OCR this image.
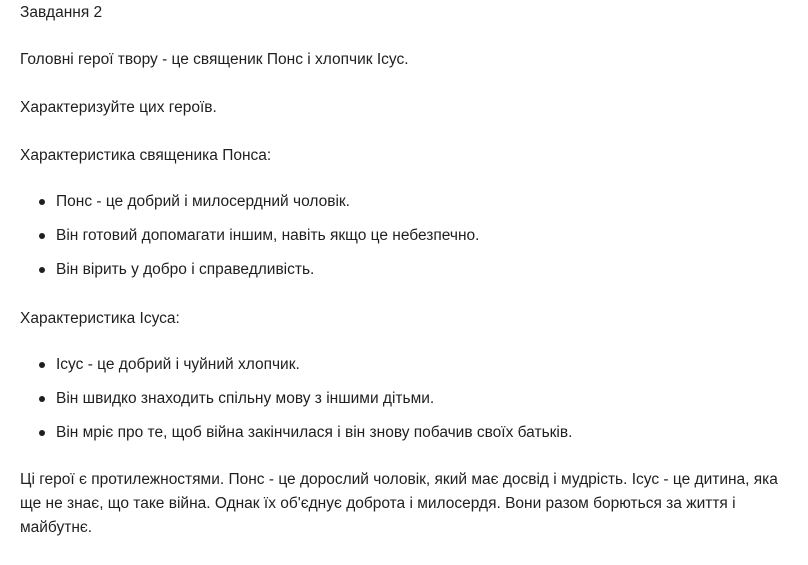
Завдання 2

Головні герої твору - це священик Понс і хлопчик Ісус.

Характеризуйте цих героїв.

Характеристика священика Понса:

Понс - це добрий і милосердний чоловік.
Він готовий допомагати іншим, навіть якщо це небезпечно.
Він вірить у добро і справедливість.

Характеристика Ісуса:

Ісус - це добрий і чуйний хлопчик.
Він швидко знаходить спільну мову з іншими дітьми.
Він мріє про те, щоб війна закінчилася і він знову побачив своїх батьків.

Ці герої є протилежностями. Понс - це дорослий чоловік, який має досвід і мудрість. Ісус - це дитина, яка ще не знає, що таке війна. Однак їх об'єднує доброта і милосердя. Вони разом борються за життя і майбутнє.
